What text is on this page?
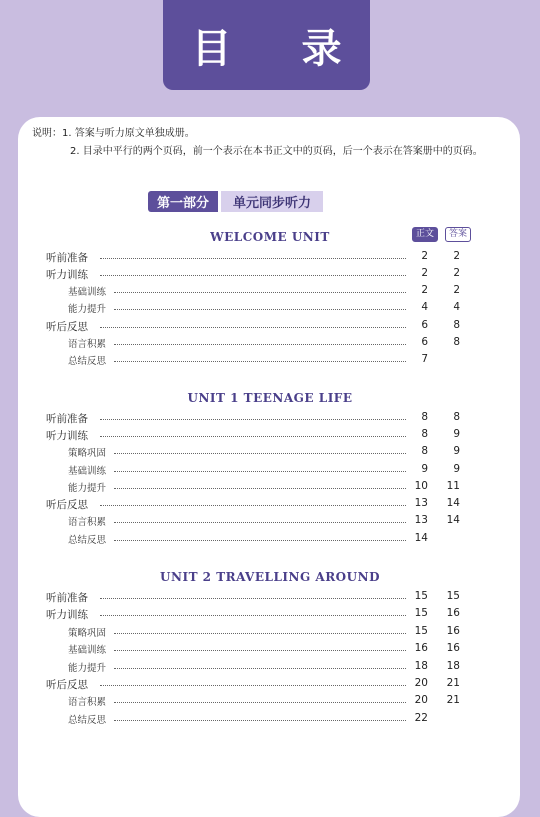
目 录
说明：1. 答案与听力原文单独成册。
2. 目录中平行的两个页码，前一个表示在本书正文中的页码，后一个表示在答案册中的页码。
第一部分	单元同步听力
正文	答案
WELCOME UNIT
听前准备	2	2
听力训练	2	2
基础训练	2	2
能力提升	4	4
听后反思	6	8
语言积累	6	8
总结反思	7
UNIT 1 TEENAGE LIFE
听前准备	8	8
听力训练	8	9
策略巩固	8	9
基础训练	9	9
能力提升	10	11
听后反思	13	14
语言积累	13	14
总结反思	14
UNIT 2 TRAVELLING AROUND
听前准备	15	15
听力训练	15	16
策略巩固	15	16
基础训练	16	16
能力提升	18	18
听后反思	20	21
语言积累	20	21
总结反思	22
